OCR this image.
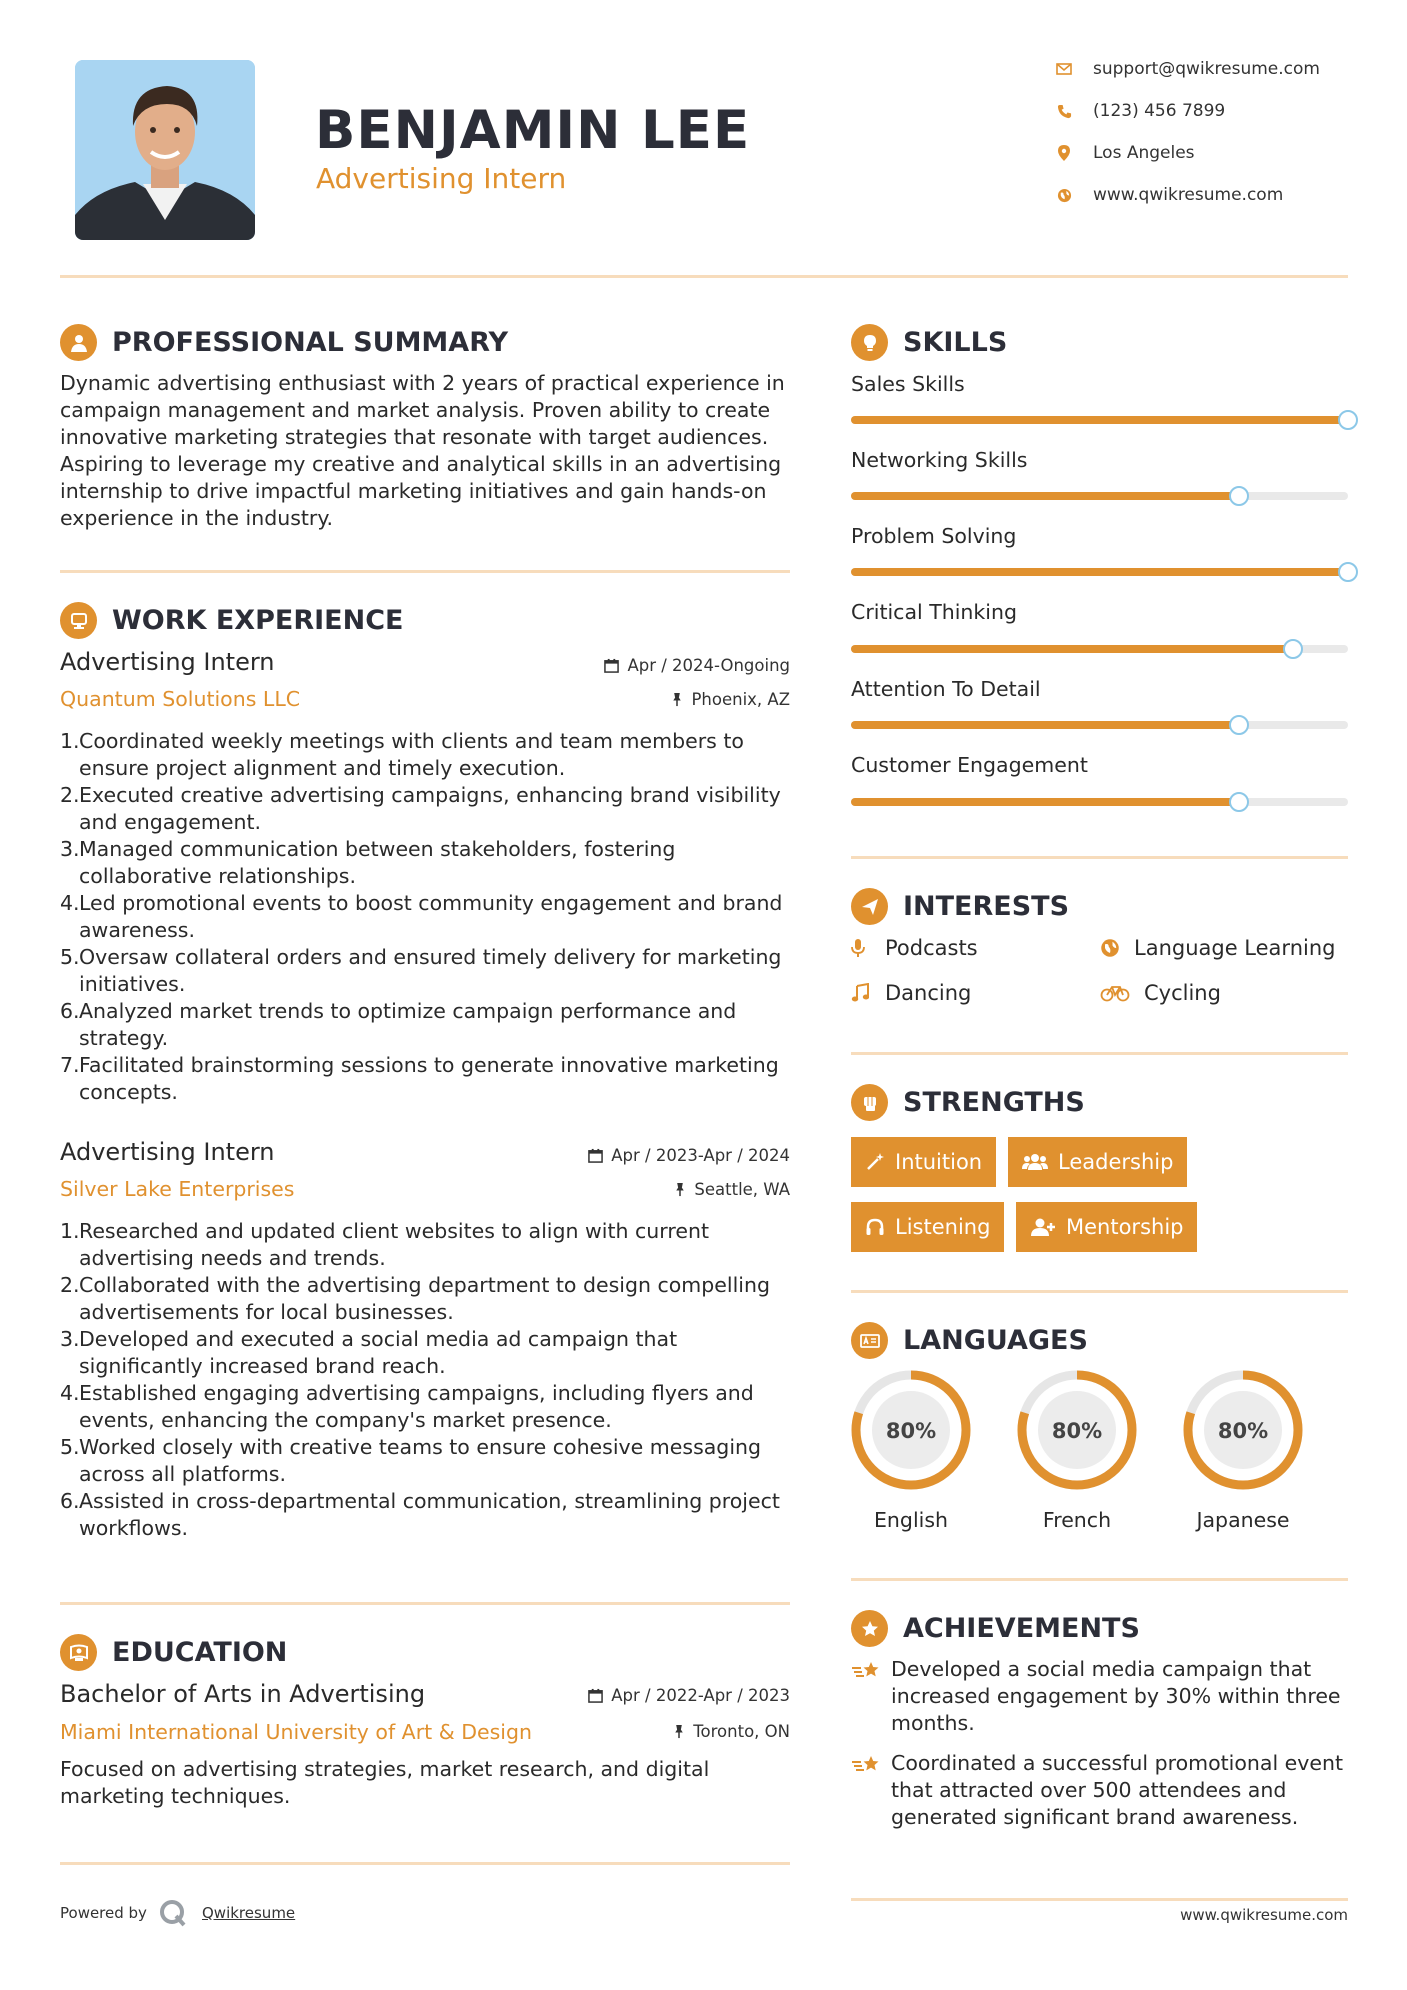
BENJAMIN LEE
Advertising Intern
support@qwikresume.com
(123) 456 7899
Los Angeles
www.qwikresume.com
PROFESSIONAL SUMMARY
Dynamic advertising enthusiast with 2 years of practical experience in campaign management and market analysis. Proven ability to create innovative marketing strategies that resonate with target audiences. Aspiring to leverage my creative and analytical skills in an advertising internship to drive impactful marketing initiatives and gain hands-on experience in the industry.
WORK EXPERIENCE
Advertising Intern	Apr / 2024-Ongoing
Quantum Solutions LLC	Phoenix, AZ
1. Coordinated weekly meetings with clients and team members to ensure project alignment and timely execution.
2. Executed creative advertising campaigns, enhancing brand visibility and engagement.
3. Managed communication between stakeholders, fostering collaborative relationships.
4. Led promotional events to boost community engagement and brand awareness.
5. Oversaw collateral orders and ensured timely delivery for marketing initiatives.
6. Analyzed market trends to optimize campaign performance and strategy.
7. Facilitated brainstorming sessions to generate innovative marketing concepts.
Advertising Intern	Apr / 2023-Apr / 2024
Silver Lake Enterprises	Seattle, WA
1. Researched and updated client websites to align with current advertising needs and trends.
2. Collaborated with the advertising department to design compelling advertisements for local businesses.
3. Developed and executed a social media ad campaign that significantly increased brand reach.
4. Established engaging advertising campaigns, including flyers and events, enhancing the company's market presence.
5. Worked closely with creative teams to ensure cohesive messaging across all platforms.
6. Assisted in cross-departmental communication, streamlining project workflows.
EDUCATION
Bachelor of Arts in Advertising	Apr / 2022-Apr / 2023
Miami International University of Art & Design	Toronto, ON
Focused on advertising strategies, market research, and digital marketing techniques.
Powered by	Qwikresume
SKILLS
Sales Skills
Networking Skills
Problem Solving
Critical Thinking
Attention To Detail
Customer Engagement
INTERESTS
Podcasts	Language Learning
Dancing	Cycling
STRENGTHS
Intuition	Leadership
Listening	Mentorship
LANGUAGES
80%
English
80%
French
80%
Japanese
ACHIEVEMENTS
Developed a social media campaign that increased engagement by 30% within three months.
Coordinated a successful promotional event that attracted over 500 attendees and generated significant brand awareness.
www.qwikresume.com
